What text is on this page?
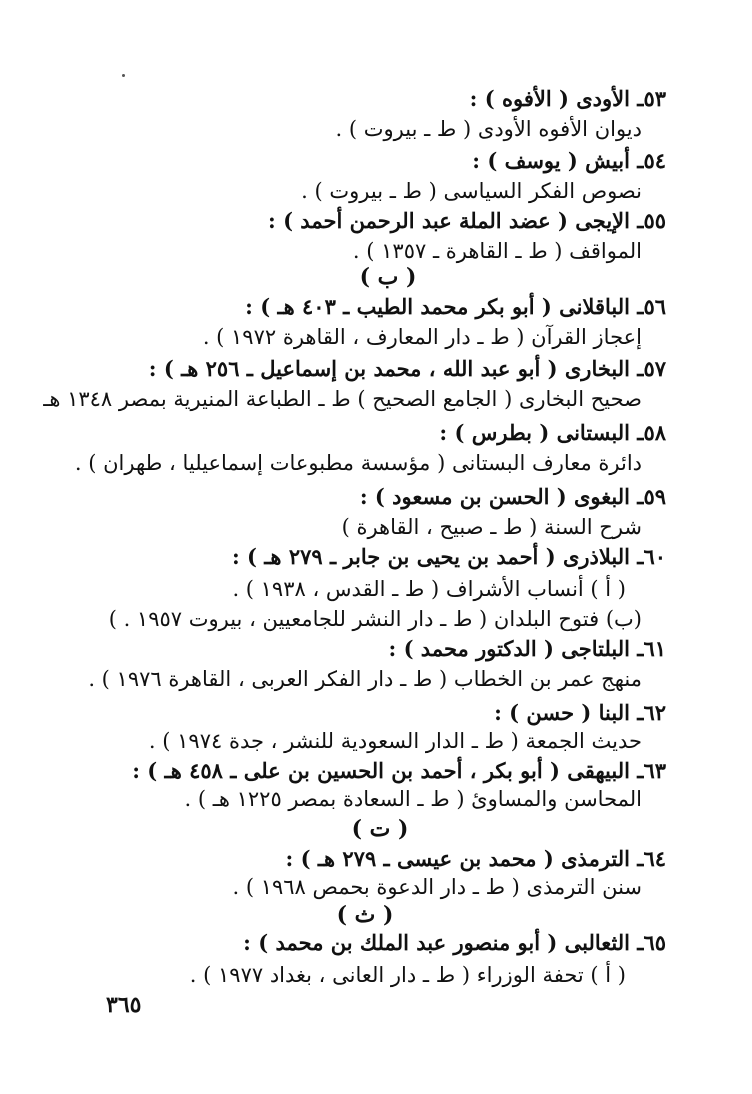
٥٣ـ الأودى ( الأفوه ) :
ديوان الأفوه الأودى ( ط ـ بيروت ) .
٥٤ـ أبيش ( يوسف ) :
نصوص الفكر السياسى ( ط ـ بيروت ) .
٥٥ـ الإيجى ( عضد الملة عبد الرحمن أحمد ) :
المواقف ( ط ـ القاهرة ـ ١٣٥٧ ) .
( ب )
٥٦ـ الباقلانى ( أبو بكر محمد الطيب ـ ٤٠٣ هـ ) :
إعجاز القرآن ( ط ـ دار المعارف ، القاهرة ١٩٧٢ ) .
٥٧ـ البخارى ( أبو عبد الله ، محمد بن إسماعيل ـ ٢٥٦ هـ ) :
صحيح البخارى ( الجامع الصحيح ) ط ـ الطباعة المنيرية بمصر ١٣٤٨ هـ
٥٨ـ البستانى ( بطرس ) :
دائرة معارف البستانى ( مؤسسة مطبوعات إسماعيليا ، طهران ) .
٥٩ـ البغوى ( الحسن بن مسعود ) :
شرح السنة ( ط ـ صبيح ، القاهرة )
٦٠ـ البلاذرى ( أحمد بن يحيى بن جابر ـ ٢٧٩ هـ ) :
( أ ) أنساب الأشراف ( ط ـ القدس ، ١٩٣٨ ) .
(ب) فتوح البلدان ( ط ـ دار النشر للجامعيين ، بيروت ١٩٥٧ . )
٦١ـ البلتاجى ( الدكتور محمد ) :
منهج عمر بن الخطاب ( ط ـ دار الفكر العربى ، القاهرة ١٩٧٦ ) .
٦٢ـ البنا ( حسن ) :
حديث الجمعة ( ط ـ الدار السعودية للنشر ، جدة ١٩٧٤ ) .
٦٣ـ البيهقى ( أبو بكر ، أحمد بن الحسين بن على ـ ٤٥٨ هـ ) :
المحاسن والمساوئ ( ط ـ السعادة بمصر ١٢٢٥ هـ ) .
( ت )
٦٤ـ الترمذى ( محمد بن عيسى ـ ٢٧٩ هـ ) :
سنن الترمذى ( ط ـ دار الدعوة بحمص ١٩٦٨ ) .
( ث )
٦٥ـ الثعالبى ( أبو منصور عبد الملك بن محمد ) :
( أ ) تحفة الوزراء ( ط ـ دار العانى ، بغداد ١٩٧٧ ) .
٣٦٥
